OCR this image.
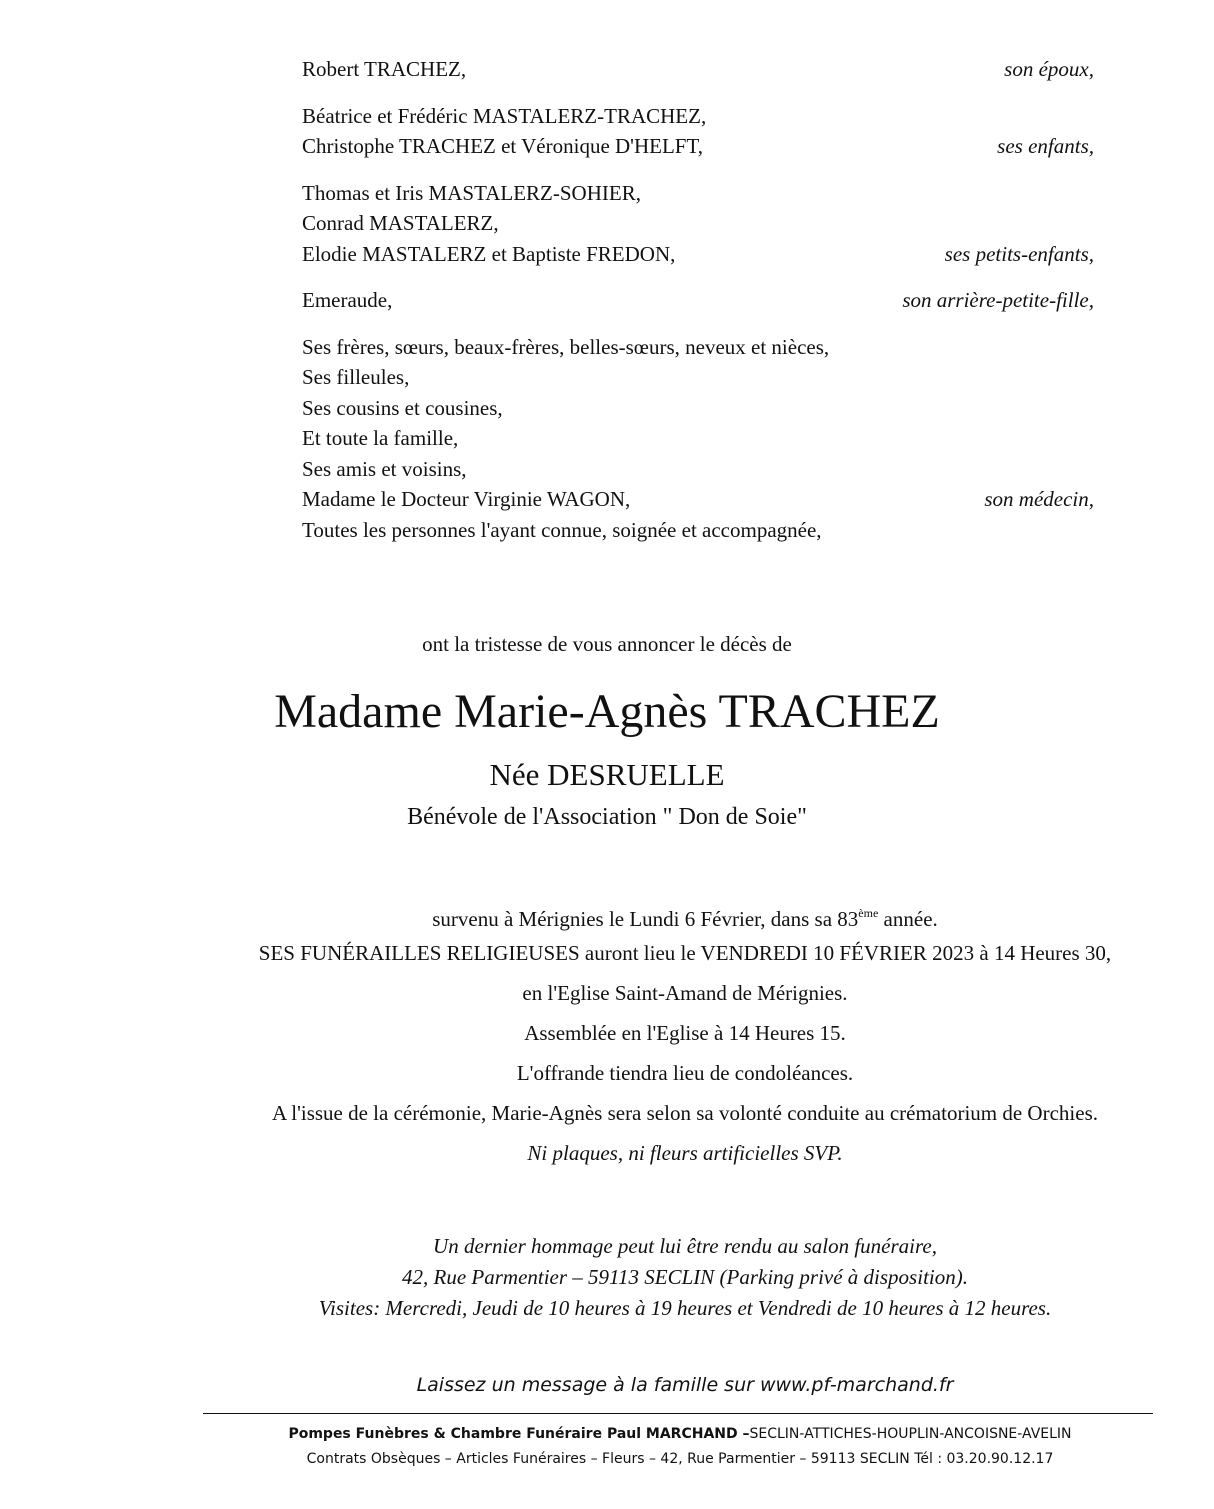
Robert TRACHEZ,	son époux,
Béatrice et Frédéric MASTALERZ-TRACHEZ,
Christophe TRACHEZ et Véronique D'HELFT,	ses enfants,
Thomas et Iris MASTALERZ-SOHIER,
Conrad MASTALERZ,
Elodie MASTALERZ et Baptiste FREDON,	ses petits-enfants,
Emeraude,	son arrière-petite-fille,
Ses frères, sœurs, beaux-frères, belles-sœurs, neveux et nièces,
Ses filleules,
Ses cousins et cousines,
Et toute la famille,
Ses amis et voisins,
Madame le Docteur Virginie WAGON,	son médecin,
Toutes les personnes l'ayant connue, soignée et accompagnée,
ont la tristesse de vous annoncer le décès de
Madame Marie-Agnès TRACHEZ
Née DESRUELLE
Bénévole de l'Association " Don de Soie"
survenu à Mérignies le Lundi 6 Février, dans sa 83ème année.
SES FUNÉRAILLES RELIGIEUSES auront lieu le VENDREDI 10 FÉVRIER 2023 à 14 Heures 30,
en l'Eglise Saint-Amand de Mérignies.
Assemblée en l'Eglise à 14 Heures 15.
L'offrande tiendra lieu de condoléances.
A l'issue de la cérémonie, Marie-Agnès sera selon sa volonté conduite au crématorium de Orchies.
Ni plaques, ni fleurs artificielles SVP.
Un dernier hommage peut lui être rendu au salon funéraire,
42, Rue Parmentier – 59113 SECLIN (Parking privé à disposition).
Visites: Mercredi, Jeudi de 10 heures à 19 heures et Vendredi de 10 heures à 12 heures.
Laissez un message à la famille sur www.pf-marchand.fr
Pompes Funèbres & Chambre Funéraire Paul MARCHAND –SECLIN-ATTICHES-HOUPLIN-ANCOISNE-AVELIN
Contrats Obsèques – Articles Funéraires – Fleurs – 42, Rue Parmentier – 59113 SECLIN Tél : 03.20.90.12.17
